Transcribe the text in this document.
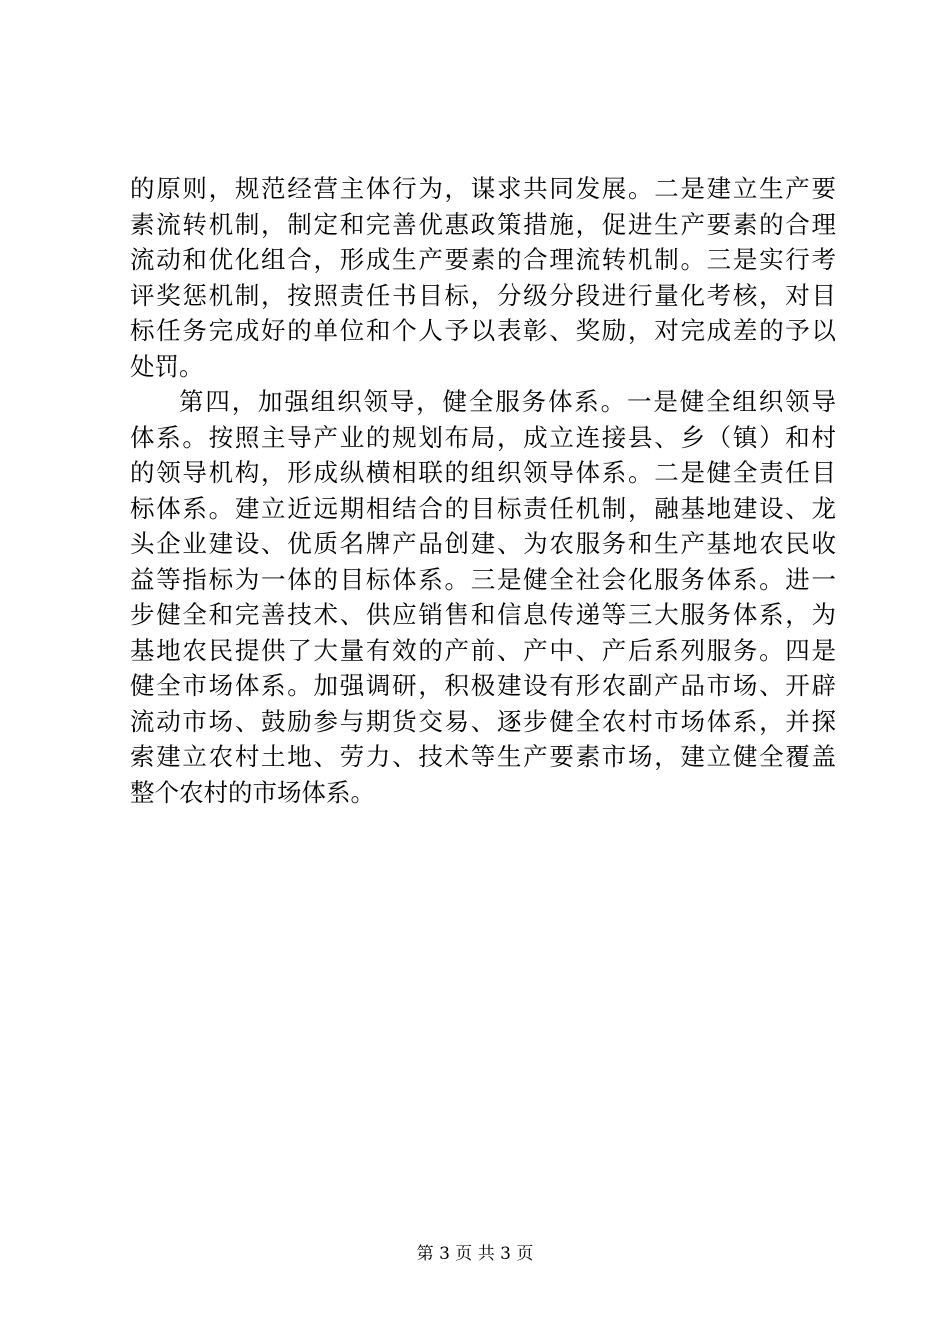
的原则，规范经营主体行为，谋求共同发展。二是建立生产要
素流转机制，制定和完善优惠政策措施，促进生产要素的合理
流动和优化组合，形成生产要素的合理流转机制。三是实行考
评奖惩机制，按照责任书目标，分级分段进行量化考核，对目
标任务完成好的单位和个人予以表彰、奖励，对完成差的予以
处罚。
第四，加强组织领导，健全服务体系。一是健全组织领导
体系。按照主导产业的规划布局，成立连接县、乡（镇）和村
的领导机构，形成纵横相联的组织领导体系。二是健全责任目
标体系。建立近远期相结合的目标责任机制，融基地建设、龙
头企业建设、优质名牌产品创建、为农服务和生产基地农民收
益等指标为一体的目标体系。三是健全社会化服务体系。进一
步健全和完善技术、供应销售和信息传递等三大服务体系，为
基地农民提供了大量有效的产前、产中、产后系列服务。四是
健全市场体系。加强调研，积极建设有形农副产品市场、开辟
流动市场、鼓励参与期货交易、逐步健全农村市场体系，并探
索建立农村土地、劳力、技术等生产要素市场，建立健全覆盖
整个农村的市场体系。
第 3 页 共 3 页
